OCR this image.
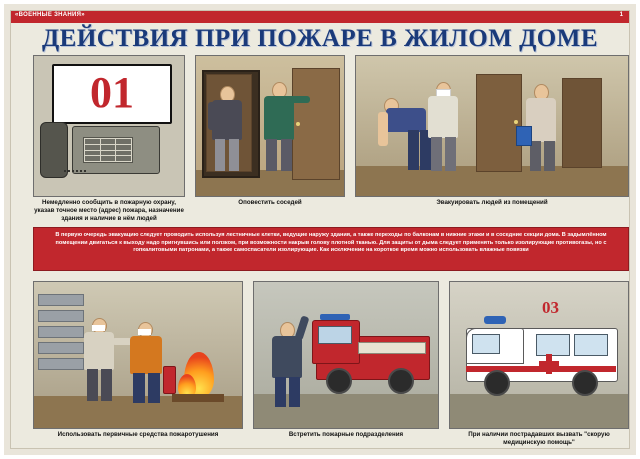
«ВОЕННЫЕ ЗНАНИЯ»	1
ДЕЙСТВИЯ ПРИ ПОЖАРЕ В ЖИЛОМ ДОМЕ
01
Немедленно сообщить в пожарную охрану, указав точное место (адрес) пожара, назначение здания и наличие в нём людей
Оповестить соседей	Эвакуировать людей из помещений
В первую очередь эвакуацию следует проводить используя лестничные клетки, ведущие наружу здания, а также переходы по балконам в нижние этажи и в соседние секции дома. В задымлённом помещении двигаться к выходу надо пригнувшись или ползком, при возможности накрыв голову плотной тканью. Для защиты от дыма следует применять только изолирующие противогазы, но с гопкалитовыми патронами, а также самоспасатели изолирующие. Как исключение на короткое время можно использовать влажные повязки
Использовать первичные средства пожаротушения	Встретить пожарные подразделения
03
При наличии пострадавших вызвать "скорую медицинскую помощь"
